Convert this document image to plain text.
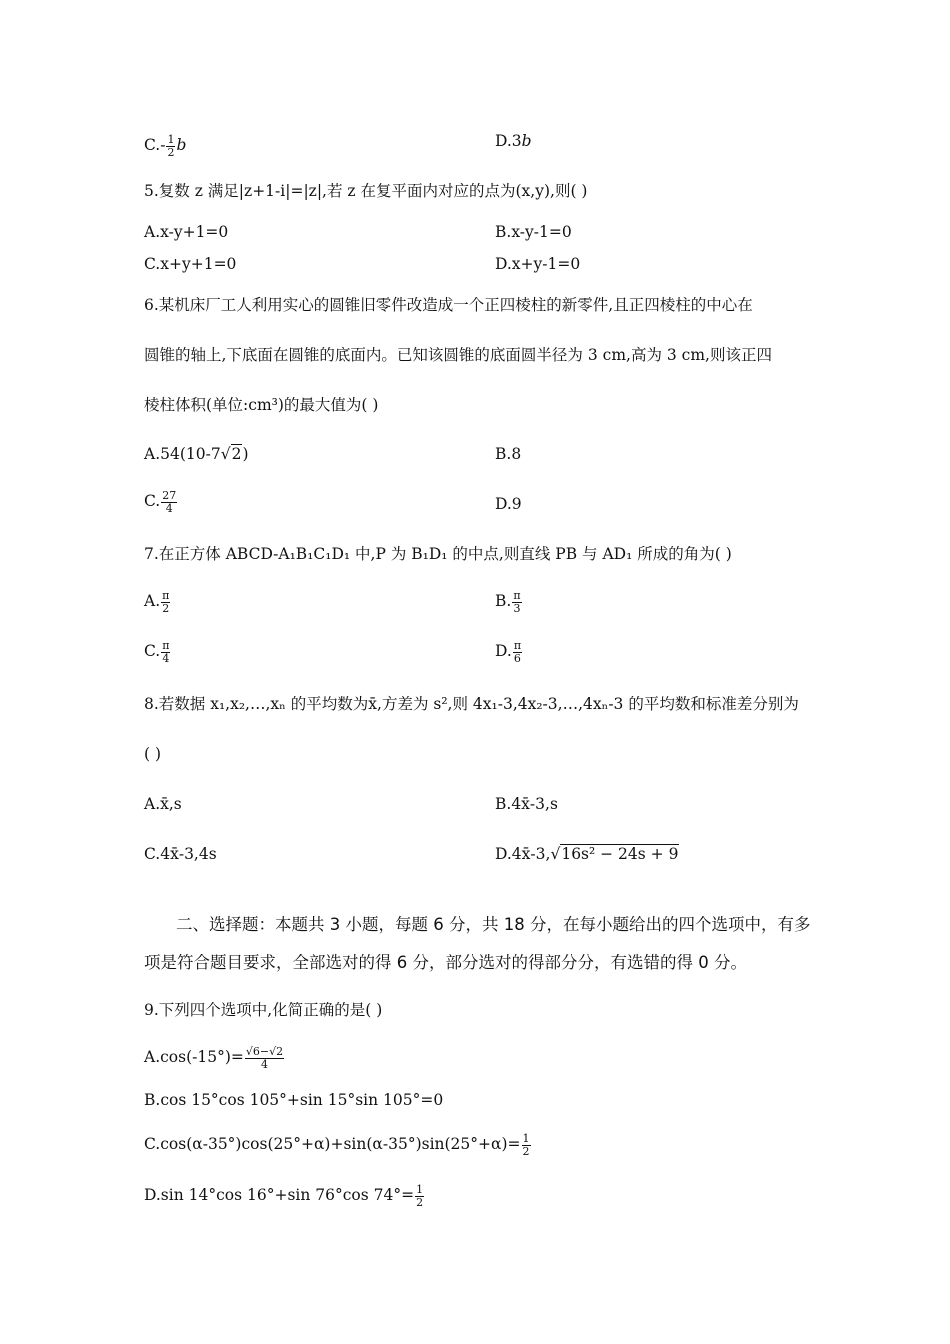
$C.- \frac{1}{2}$ b	D.3b
5.复数 z 满足|z+1-i|=|z|,若 z 在复平面内对应的点为(x,y),则( )
A.x-y+1=0	B.x-y-1=0
C.x+y+1=0	D.x+y-1=0
6.某机床厂工人利用实心的圆锥旧零件改造成一个正四棱柱的新零件,且正四棱柱的中心在
圆锥的轴上,下底面在圆锥的底面内。已知该圆锥的底面圆半径为 3 cm,高为 3 cm,则该正四
棱柱体积(单位:cm³)的最大值为( )
A.54(10-7√2)	B.8
C. $\frac{27}{4}$	D.9
7.在正方体 ABCD-A₁B₁C₁D₁ 中,P 为 B₁D₁ 的中点,则直线 PB 与 AD₁ 所成的角为( )
A. $\frac{\pi}{2}$	B. $\frac{\pi}{3}$
C. $\frac{\pi}{4}$	D. $\frac{\pi}{6}$
8.若数据 x₁,x₂,…,xₙ 的平均数为x̄,方差为 s²,则 4x₁-3,4x₂-3,…,4xₙ-3 的平均数和标准差分别为
( )
A.x̄,s	B.4x̄-3,s
C.4x̄-3,4s	D.4x̄-3,√16s² − 24s + 9
二、选择题：本题共 3 小题，每题 6 分，共 18 分，在每小题给出的四个选项中，有多
项是符合题目要求，全部选对的得 6 分，部分选对的得部分分，有选错的得 0 分。
9.下列四个选项中,化简正确的是( )
$A.\cos(-15^\circ)= \frac{√6-√2}{4}$
B.cos 15°cos 105°+sin 15°sin 105°=0
$C.\cos(\alpha-35^\circ)\cos(25^\circ+\alpha)+\sin(\alpha-35^\circ)\sin(25^\circ+\alpha)= \frac{1}{2}$
D.sin 14°cos 16°+sin 76°cos $74^\circ= \frac{1}{2}$
